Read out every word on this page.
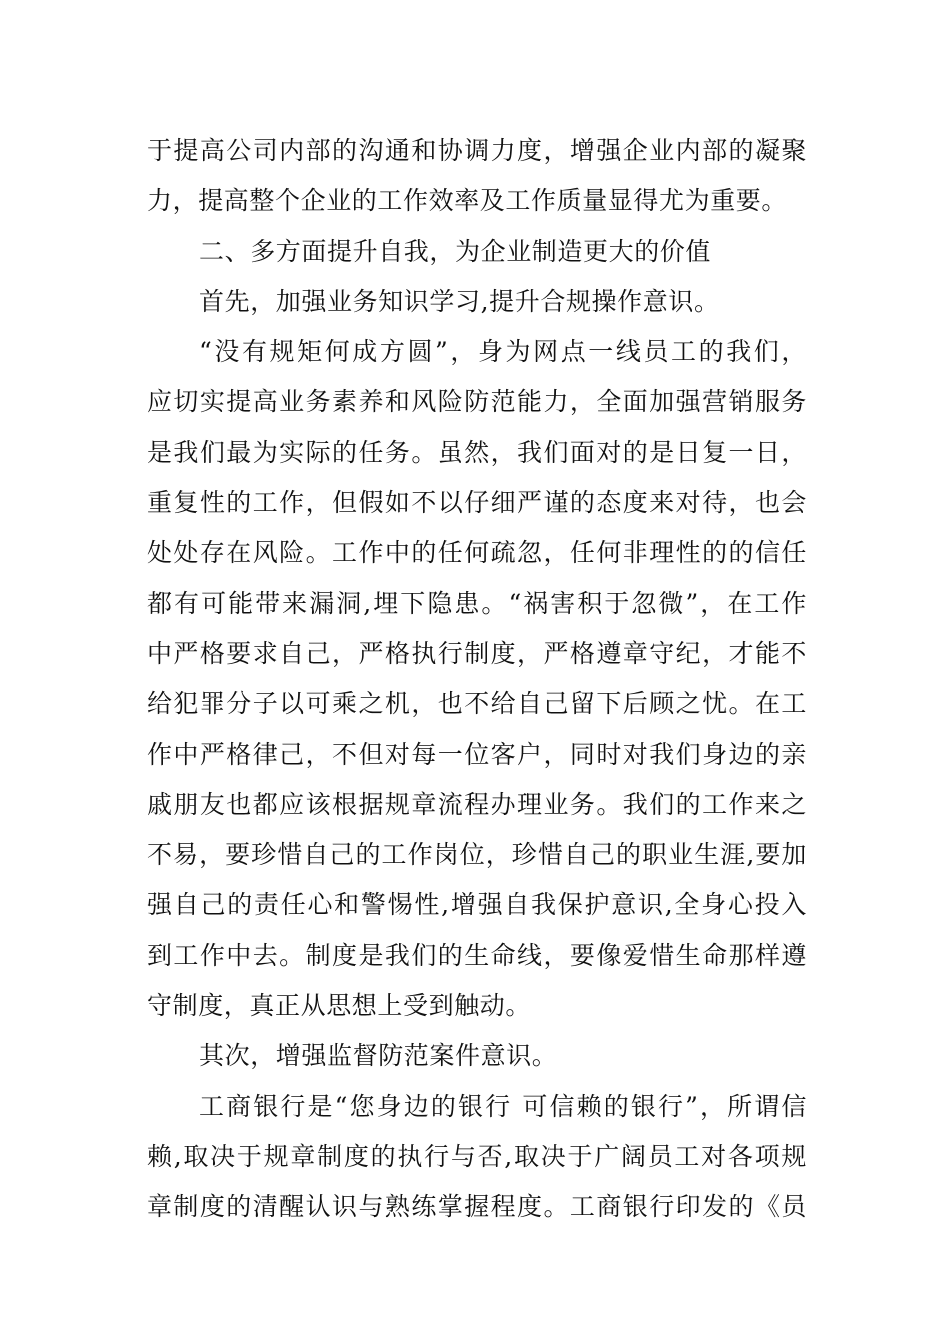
于提高公司内部的沟通和协调力度，增强企业内部的凝聚
力，提高整个企业的工作效率及工作质量显得尤为重要。
二、多方面提升自我，为企业制造更大的价值
首先，加强业务知识学习,提升合规操作意识。
“没有规矩何成方圆”，身为网点一线员工的我们，
应切实提高业务素养和风险防范能力，全面加强营销服务
是我们最为实际的任务。虽然，我们面对的是日复一日，
重复性的工作，但假如不以仔细严谨的态度来对待，也会
处处存在风险。工作中的任何疏忽，任何非理性的的信任
都有可能带来漏洞,埋下隐患。“祸害积于忽微”，在工作
中严格要求自己，严格执行制度，严格遵章守纪，才能不
给犯罪分子以可乘之机，也不给自己留下后顾之忧。在工
作中严格律己，不但对每一位客户，同时对我们身边的亲
戚朋友也都应该根据规章流程办理业务。我们的工作来之
不易，要珍惜自己的工作岗位，珍惜自己的职业生涯,要加
强自己的责任心和警惕性,增强自我保护意识,全身心投入
到工作中去。制度是我们的生命线，要像爱惜生命那样遵
守制度，真正从思想上受到触动。
其次，增强监督防范案件意识。
工商银行是“您身边的银行 可信赖的银行”，所谓信
赖,取决于规章制度的执行与否,取决于广阔员工对各项规
章制度的清醒认识与熟练掌握程度。工商银行印发的《员
